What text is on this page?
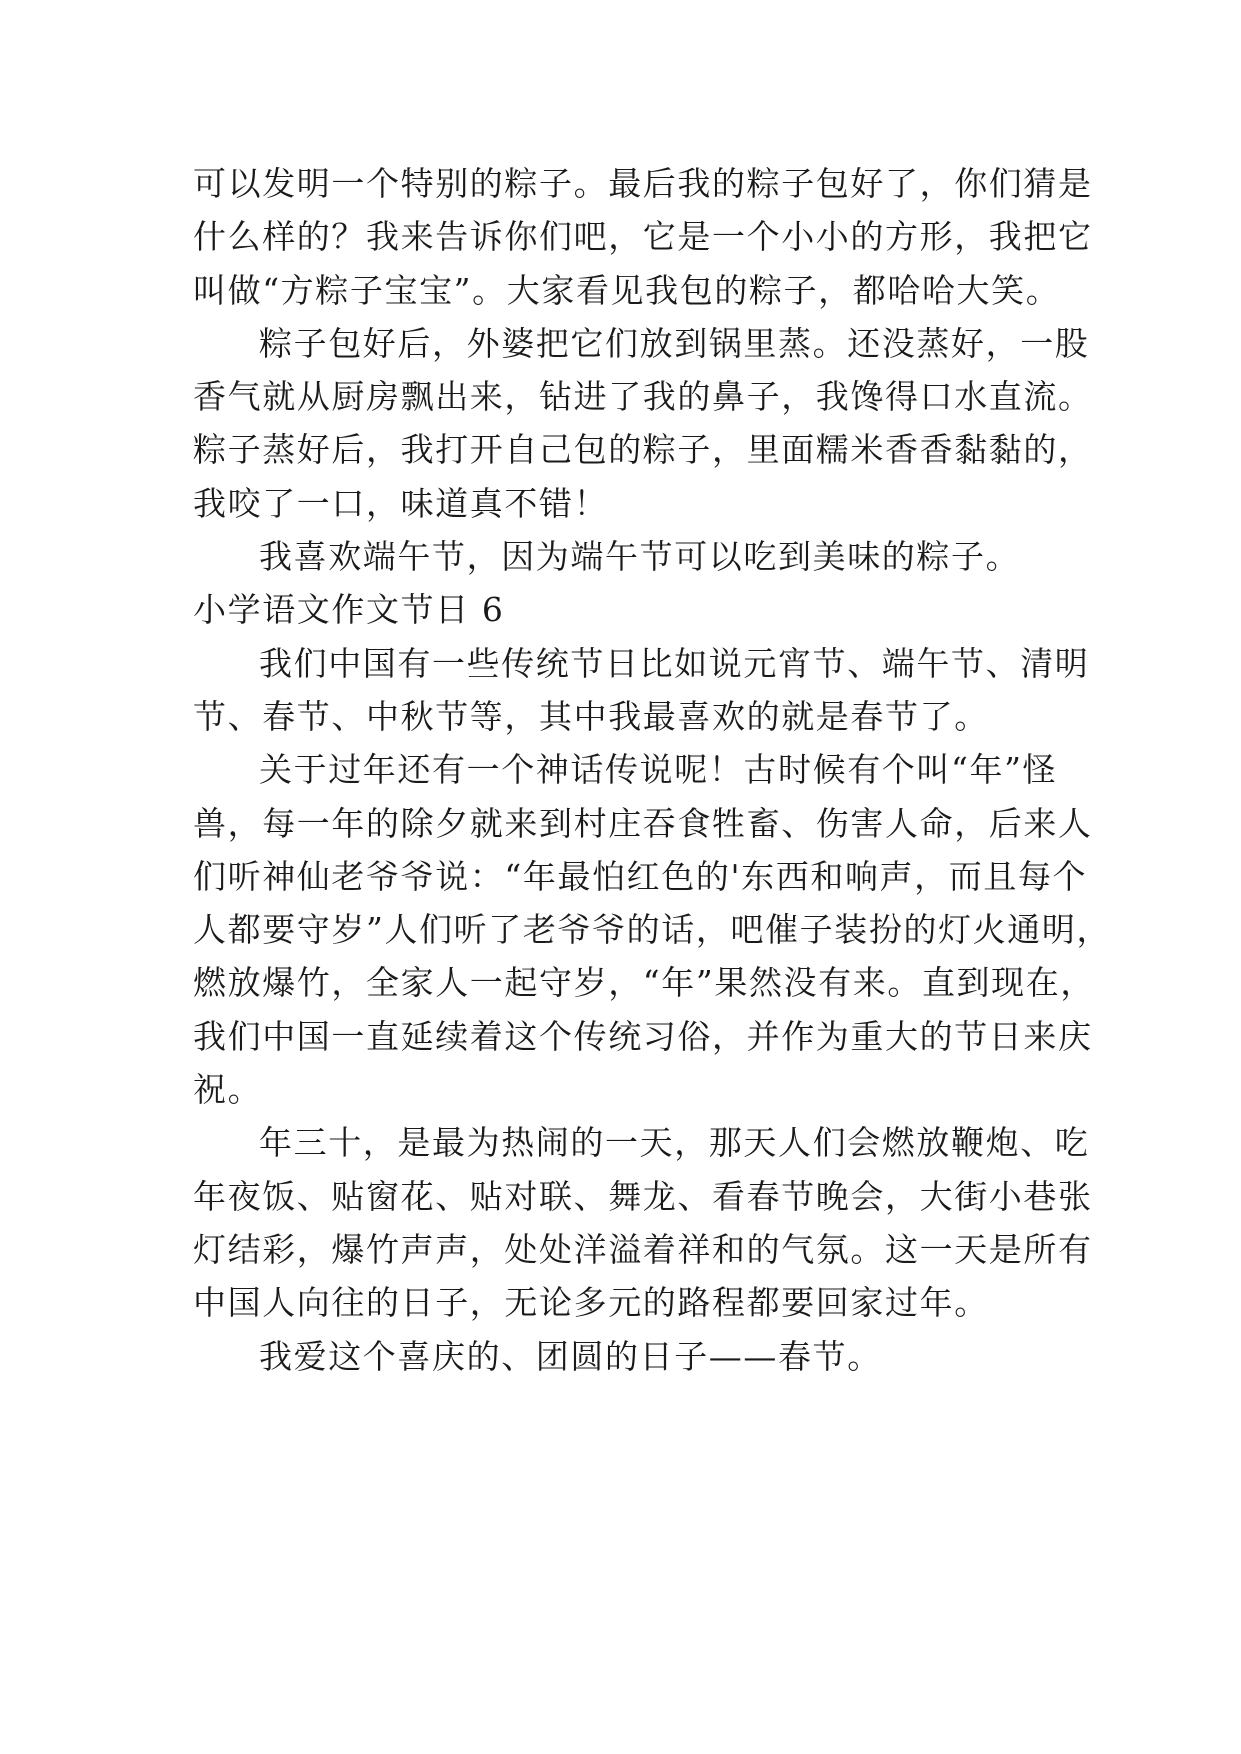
可以发明一个特别的粽子。最后我的粽子包好了，你们猜是
什么样的？我来告诉你们吧，它是一个小小的方形，我把它
叫做“方粽子宝宝”。大家看见我包的粽子，都哈哈大笑。
粽子包好后，外婆把它们放到锅里蒸。还没蒸好，一股
香气就从厨房飘出来，钻进了我的鼻子，我馋得口水直流。
粽子蒸好后，我打开自己包的粽子，里面糯米香香黏黏的，
我咬了一口，味道真不错！
我喜欢端午节，因为端午节可以吃到美味的粽子。
小学语文作文节日 6
我们中国有一些传统节日比如说元宵节、端午节、清明
节、春节、中秋节等，其中我最喜欢的就是春节了。
关于过年还有一个神话传说呢！古时候有个叫“年”怪
兽，每一年的除夕就来到村庄吞食牲畜、伤害人命，后来人
们听神仙老爷爷说：“年最怕红色的'东西和响声，而且每个
人都要守岁”人们听了老爷爷的话，吧催子装扮的灯火通明，
燃放爆竹，全家人一起守岁，“年”果然没有来。直到现在，
我们中国一直延续着这个传统习俗，并作为重大的节日来庆
祝。
年三十，是最为热闹的一天，那天人们会燃放鞭炮、吃
年夜饭、贴窗花、贴对联、舞龙、看春节晚会，大街小巷张
灯结彩，爆竹声声，处处洋溢着祥和的气氛。这一天是所有
中国人向往的日子，无论多元的路程都要回家过年。
我爱这个喜庆的、团圆的日子——春节。
